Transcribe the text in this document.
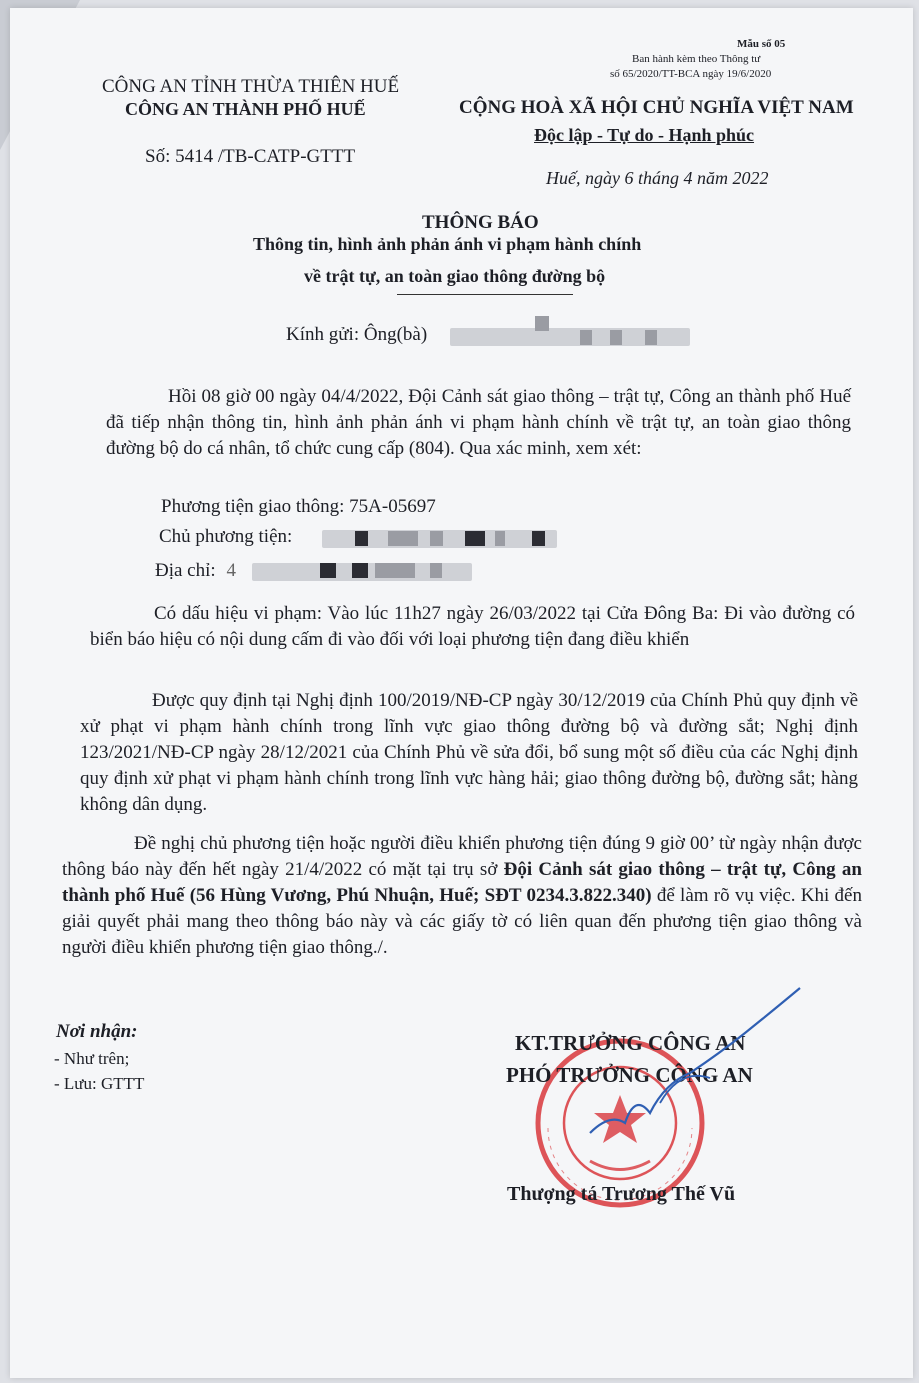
Mẫu số 05
Ban hành kèm theo Thông tư
số 65/2020/TT-BCA ngày 19/6/2020
CÔNG AN TỈNH THỪA THIÊN HUẾ
CÔNG AN THÀNH PHỐ HUẾ	CỘNG HOÀ XÃ HỘI CHỦ NGHĨA VIỆT NAM
Độc lập - Tự do - Hạnh phúc
Số: 5414 /TB-CATP-GTTT
Huế, ngày 6 tháng 4 năm 2022
THÔNG BÁO
Thông tin, hình ảnh phản ánh vi phạm hành chính
về trật tự, an toàn giao thông đường bộ
Kính gửi: Ông(bà)
Hồi 08 giờ 00 ngày 04/4/2022, Đội Cảnh sát giao thông – trật tự, Công an thành phố Huế đã tiếp nhận thông tin, hình ảnh phản ánh vi phạm hành chính về trật tự, an toàn giao thông đường bộ do cá nhân, tổ chức cung cấp (804). Qua xác minh, xem xét:
Phương tiện giao thông: 75A-05697
Chủ phương tiện:
Địa chỉ: 4
Có dấu hiệu vi phạm: Vào lúc 11h27 ngày 26/03/2022 tại Cửa Đông Ba: Đi vào đường có biển báo hiệu có nội dung cấm đi vào đối với loại phương tiện đang điều khiển
Được quy định tại Nghị định 100/2019/NĐ-CP ngày 30/12/2019 của Chính Phủ quy định về xử phạt vi phạm hành chính trong lĩnh vực giao thông đường bộ và đường sắt; Nghị định 123/2021/NĐ-CP ngày 28/12/2021 của Chính Phủ về sửa đổi, bổ sung một số điều của các Nghị định quy định xử phạt vi phạm hành chính trong lĩnh vực hàng hải; giao thông đường bộ, đường sắt; hàng không dân dụng.
Đề nghị chủ phương tiện hoặc người điều khiển phương tiện đúng 9 giờ 00’ từ ngày nhận được thông báo này đến hết ngày 21/4/2022 có mặt tại trụ sở Đội Cảnh sát giao thông – trật tự, Công an thành phố Huế (56 Hùng Vương, Phú Nhuận, Huế; SĐT 0234.3.822.340) để làm rõ vụ việc. Khi đến giải quyết phải mang theo thông báo này và các giấy tờ có liên quan đến phương tiện giao thông và người điều khiển phương tiện giao thông./.
Nơi nhận:
- Như trên;
- Lưu: GTTT
KT.TRƯỞNG CÔNG AN
PHÓ TRƯỞNG CÔNG AN
Thượng tá Trương Thế Vũ
